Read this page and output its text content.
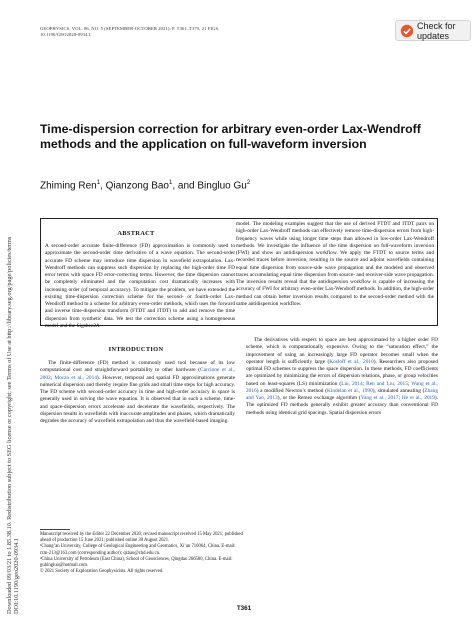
Downloaded 09/03/21 to 1.85.38.10. Redistribution subject to SEG license or copyright; see Terms of Use at http://library.seg.org/page/policies/terms DOI:10.1190/geo2020-0934.1
GEOPHYSICS, VOL. 86, NO. 5 (SEPTEMBER-OCTOBER 2021); P. T361–T375, 21 FIGS.
10.1190/GEO2020-0934.1
Check for updates
Time-dispersion correction for arbitrary even-order Lax-Wendroff methods and the application on full-waveform inversion
Zhiming Ren$^1$, Qianzong Bao$^1$, and Bingluo Gu$^2$
ABSTRACT
A second-order accurate finite-difference (FD) approximation is commonly used to approximate the second-order time derivative of a wave equation. The second-order accurate FD scheme may introduce time dispersion in wavefield extrapolation. Lax-Wendroff methods can suppress such dispersion by replacing the high-order time FD error terms with space FD error-correcting terms. However, the time dispersion cannot be completely eliminated and the computation cost dramatically increases with increasing order (of temporal accuracy). To mitigate the problem, we have extended the existing time-dispersion correction scheme for the second- or fourth-order Lax-Wendroff method to a scheme for arbitrary even-order methods, which uses the forward and inverse time-dispersion transform (FTDT and ITDT) to add and remove the time dispersion from synthetic data. We test the correction scheme using a homogeneous model and the Sigsbee2A
model. The modeling examples suggest that the use of derived FTDT and ITDT pairs on high-order Lax-Wendroff methods can effectively remove time-dispersion errors from high-frequency waves while using longer time steps than allowed in low-order Lax-Wendroff methods. We investigate the influence of the time dispersion on full-waveform inversion (FWI) and show an antidispersion workflow. We apply the FTDT to source terms and recorded traces before inversion, resulting in the source and adjoint wavefields containing equal time dispersion from source-side wave propagation and the modeled and observed traces accumulating equal time dispersion from source- and receiver-side wave propagation. The inversion results reveal that the antidispersion workflow is capable of increasing the accuracy of FWI for arbitrary even-order Lax-Wendroff methods. In addition, the high-order method can obtain better inversion results compared to the second-order method with the same antidispersion workflow.
INTRODUCTION

The finite-difference (FD) method is commonly used tool because of its low computational cost and straightforward portability to other hardware (Carcione et al., 2002; Moczo et al., 2014). However, temporal and spatial FD approximations generate numerical dispersion and thereby require fine grids and small time steps for high accuracy. The FD scheme with second-order accuracy in time and high-order accuracy in space is generally used in solving the wave equation. It is observed that in such a scheme, time- and space-dispersion errors accelerate and decelerate the wavefields, respectively. The dispersion results in wavefields with inaccurate amplitudes and phases, which dramatically degrades the accuracy of wavefield extrapolation and thus the wavefield-based imaging.

The derivatives with respect to space are best approximated by a higher order FD scheme, which is computationally expensive. Owing to the “saturation effect,” the improvement of using an increasingly large FD operator becomes small when the operator length is sufficiently large (Kosloff et al., 2010). Researchers also proposed optimal FD schemes to suppress the space dispersion. In these methods, FD coefficients are optimized by minimizing the errors of dispersion relations, phase, or group velocities based on least-squares (LS) minimization (Liu, 2014; Ren and Liu, 2015; Wang et al., 2016) a modified Newton’s method (Kindelan et al., 1990), simulated annealing (Zhang and Yao, 2013), or the Remez exchange algorithm (Yang et al., 2017; He et al., 2019). The optimized FD methods generally exhibit greater accuracy than conventional FD methods using identical grid spacings. Spatial dispersion errors

Manuscript received by the Editor 22 December 2020; revised manuscript received 15 May 2021; published ahead of production 15 June 2021; published online 30 August 2021.
¹Chang’an University, College of Geological Engineering and Geomatics, Xi’an 710064, China. E-mail: rzm-213@163.com (corresponding author); qzbao@chd.edu.cn.
²China University of Petroleum (East China), School of Geosciences, Qingdao 266580, China. E-mail: gubingluo@hotmail.com.
© 2021 Society of Exploration Geophysicists. All rights reserved.
T361
